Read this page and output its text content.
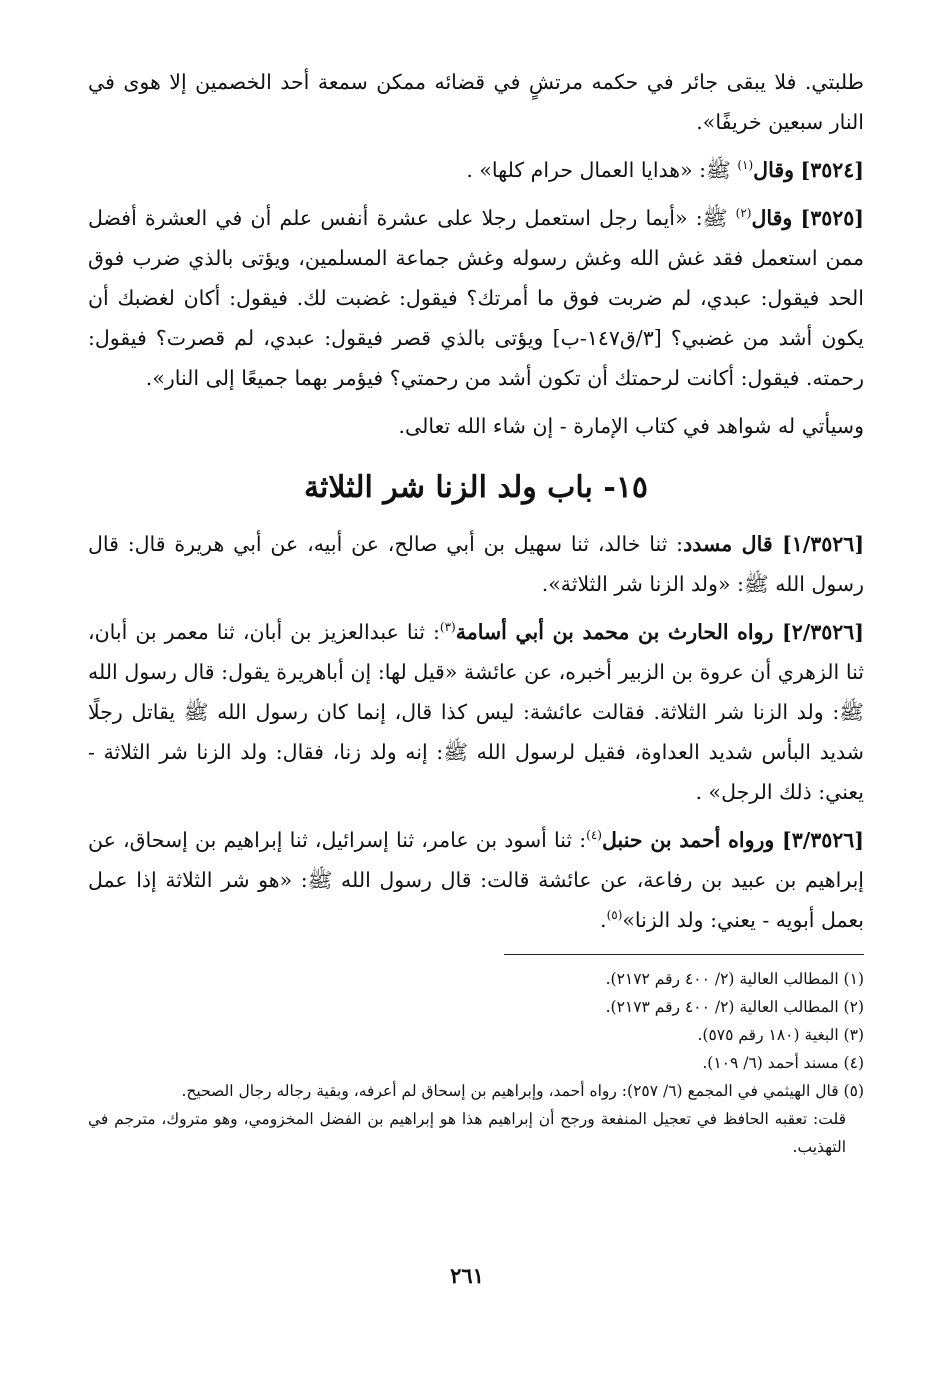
طلبتي. فلا يبقى جائر في حكمه مرتشٍ في قضائه ممكن سمعة أحد الخصمين إلا هوى في النار سبعين خريفًا».

[٣٥٢٤] وقال$^{(١)}$ ﷺ: «هدايا العمال حرام كلها» .

[٣٥٢٥] وقال$^{(٢)}$ ﷺ: «أيما رجل استعمل رجلا على عشرة أنفس علم أن في العشرة أفضل ممن استعمل فقد غش الله وغش رسوله وغش جماعة المسلمين، ويؤتى بالذي ضرب فوق الحد فيقول: عبدي، لم ضربت فوق ما أمرتك؟ فيقول: غضبت لك. فيقول: أكان لغضبك أن يكون أشد من غضبي؟ [٣/ق١٤٧-ب] ويؤتى بالذي قصر فيقول: عبدي، لم قصرت؟ فيقول: رحمته. فيقول: أكانت لرحمتك أن تكون أشد من رحمتي؟ فيؤمر بهما جميعًا إلى النار».

وسيأتي له شواهد في كتاب الإمارة - إن شاء الله تعالى.

١٥- باب ولد الزنا شر الثلاثة

[١/٣٥٢٦] قال مسدد: ثنا خالد، ثنا سهيل بن أبي صالح، عن أبيه، عن أبي هريرة قال: قال رسول الله ﷺ: «ولد الزنا شر الثلاثة».

[٢/٣٥٢٦] رواه الحارث بن محمد بن أبي أسامة$^{(٣)}$: ثنا عبدالعزيز بن أبان، ثنا معمر بن أبان، ثنا الزهري أن عروة بن الزبير أخبره، عن عائشة «قيل لها: إن أباهريرة يقول: قال رسول الله ﷺ: ولد الزنا شر الثلاثة. فقالت عائشة: ليس كذا قال، إنما كان رسول الله ﷺ يقاتل رجلًا شديد البأس شديد العداوة، فقيل لرسول الله ﷺ: إنه ولد زنا، فقال: ولد الزنا شر الثلاثة - يعني: ذلك الرجل» .

[٣/٣٥٢٦] ورواه أحمد بن حنبل$^{(٤)}$: ثنا أسود بن عامر، ثنا إسرائيل، ثنا إبراهيم بن إسحاق، عن إبراهيم بن عبيد بن رفاعة، عن عائشة قالت: قال رسول الله ﷺ: «هو شر الثلاثة إذا عمل بعمل أبويه - يعني: ولد الزنا»$^{(٥)}$.

(١) المطالب العالية (٢/ ٤٠٠ رقم ٢١٧٢).

(٢) المطالب العالية (٢/ ٤٠٠ رقم ٢١٧٣).

(٣) البغية (١٨٠ رقم ٥٧٥).

(٤) مسند أحمد (٦/ ١٠٩).

(٥) قال الهيثمي في المجمع (٦/ ٢٥٧): رواه أحمد، وإبراهيم بن إسحاق لم أعرفه، وبقية رجاله رجال الصحيح.

قلت: تعقبه الحافظ في تعجيل المنفعة ورجح أن إبراهيم هذا هو إبراهيم بن الفضل المخزومي، وهو متروك، مترجم في التهذيب.

٢٦١
